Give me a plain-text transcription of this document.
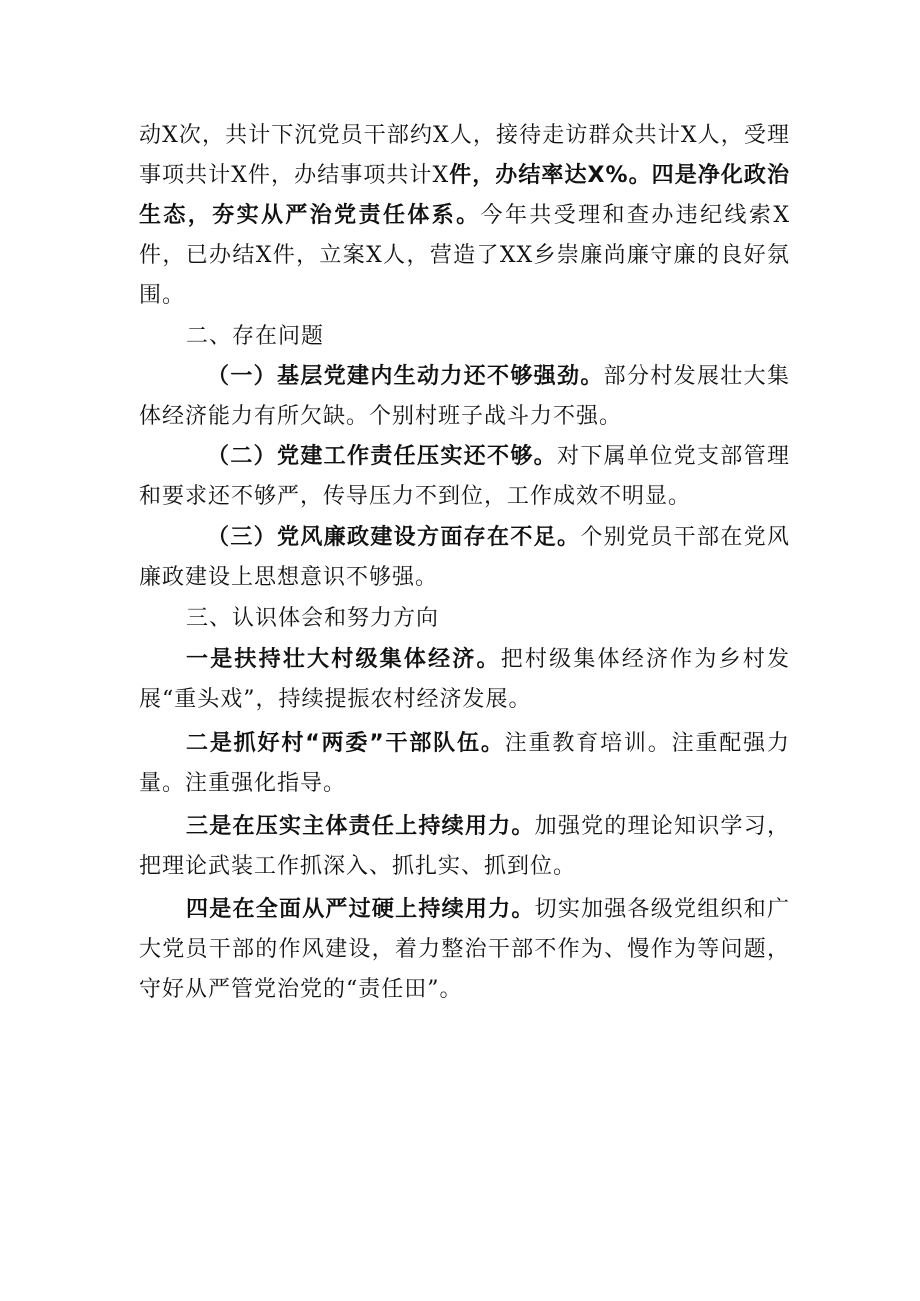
动X次，共计下沉党员干部约X人，接待走访群众共计X人，受理事项共计X件，办结事项共计X件，办结率达X%。四是净化政治生态，夯实从严治党责任体系。今年共受理和查办违纪线索X件，已办结X件，立案X人，营造了XX乡崇廉尚廉守廉的良好氛围。

二、存在问题

（一）基层党建内生动力还不够强劲。部分村发展壮大集体经济能力有所欠缺。个别村班子战斗力不强。

（二）党建工作责任压实还不够。对下属单位党支部管理和要求还不够严，传导压力不到位，工作成效不明显。

（三）党风廉政建设方面存在不足。个别党员干部在党风廉政建设上思想意识不够强。

三、认识体会和努力方向

一是扶持壮大村级集体经济。把村级集体经济作为乡村发展“重头戏”，持续提振农村经济发展。

二是抓好村“两委”干部队伍。注重教育培训。注重配强力量。注重强化指导。

三是在压实主体责任上持续用力。加强党的理论知识学习，把理论武装工作抓深入、抓扎实、抓到位。

四是在全面从严过硬上持续用力。切实加强各级党组织和广大党员干部的作风建设，着力整治干部不作为、慢作为等问题，守好从严管党治党的“责任田”。
